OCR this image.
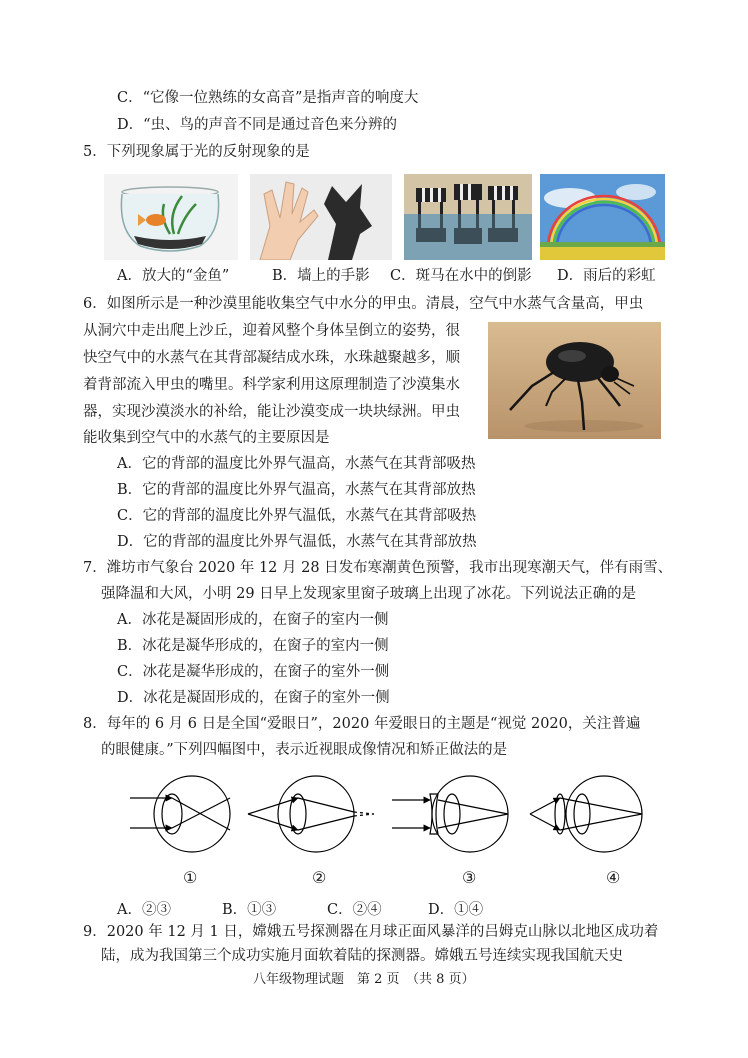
C．“它像一位熟练的女高音”是指声音的响度大
D．“虫、鸟的声音不同是通过音色来分辨的
5．下列现象属于光的反射现象的是
A．放大的“金鱼”	B．墙上的手影 C．斑马在水中的倒影 D．雨后的彩虹
6．如图所示是一种沙漠里能收集空气中水分的甲虫。清晨，空气中水蒸气含量高，甲虫
从洞穴中走出爬上沙丘，迎着风整个身体呈倒立的姿势，很
快空气中的水蒸气在其背部凝结成水珠，水珠越聚越多，顺
着背部流入甲虫的嘴里。科学家利用这原理制造了沙漠集水
器，实现沙漠淡水的补给，能让沙漠变成一块块绿洲。甲虫
能收集到空气中的水蒸气的主要原因是
A．它的背部的温度比外界气温高，水蒸气在其背部吸热
B．它的背部的温度比外界气温高，水蒸气在其背部放热
C．它的背部的温度比外界气温低，水蒸气在其背部吸热
D．它的背部的温度比外界气温低，水蒸气在其背部放热
7．潍坊市气象台 2020 年 12 月 28 日发布寒潮黄色预警，我市出现寒潮天气，伴有雨雪、
强降温和大风，小明 29 日早上发现家里窗子玻璃上出现了冰花。下列说法正确的是
A．冰花是凝固形成的，在窗子的室内一侧
B．冰花是凝华形成的，在窗子的室内一侧
C．冰花是凝华形成的，在窗子的室外一侧
D．冰花是凝固形成的，在窗子的室外一侧
8．每年的 6 月 6 日是全国“爱眼日”，2020 年爱眼日的主题是“视觉 2020，关注普遍
的眼健康。”下列四幅图中，表示近视眼成像情况和矫正做法的是
①	②	③	④
A．②③	B．①③	C．②④	D．①④
9．2020 年 12 月 1 日，嫦娥五号探测器在月球正面风暴洋的吕姆克山脉以北地区成功着
陆，成为我国第三个成功实施月面软着陆的探测器。嫦娥五号连续实现我国航天史
八年级物理试题　第 2 页　（共 8 页）
